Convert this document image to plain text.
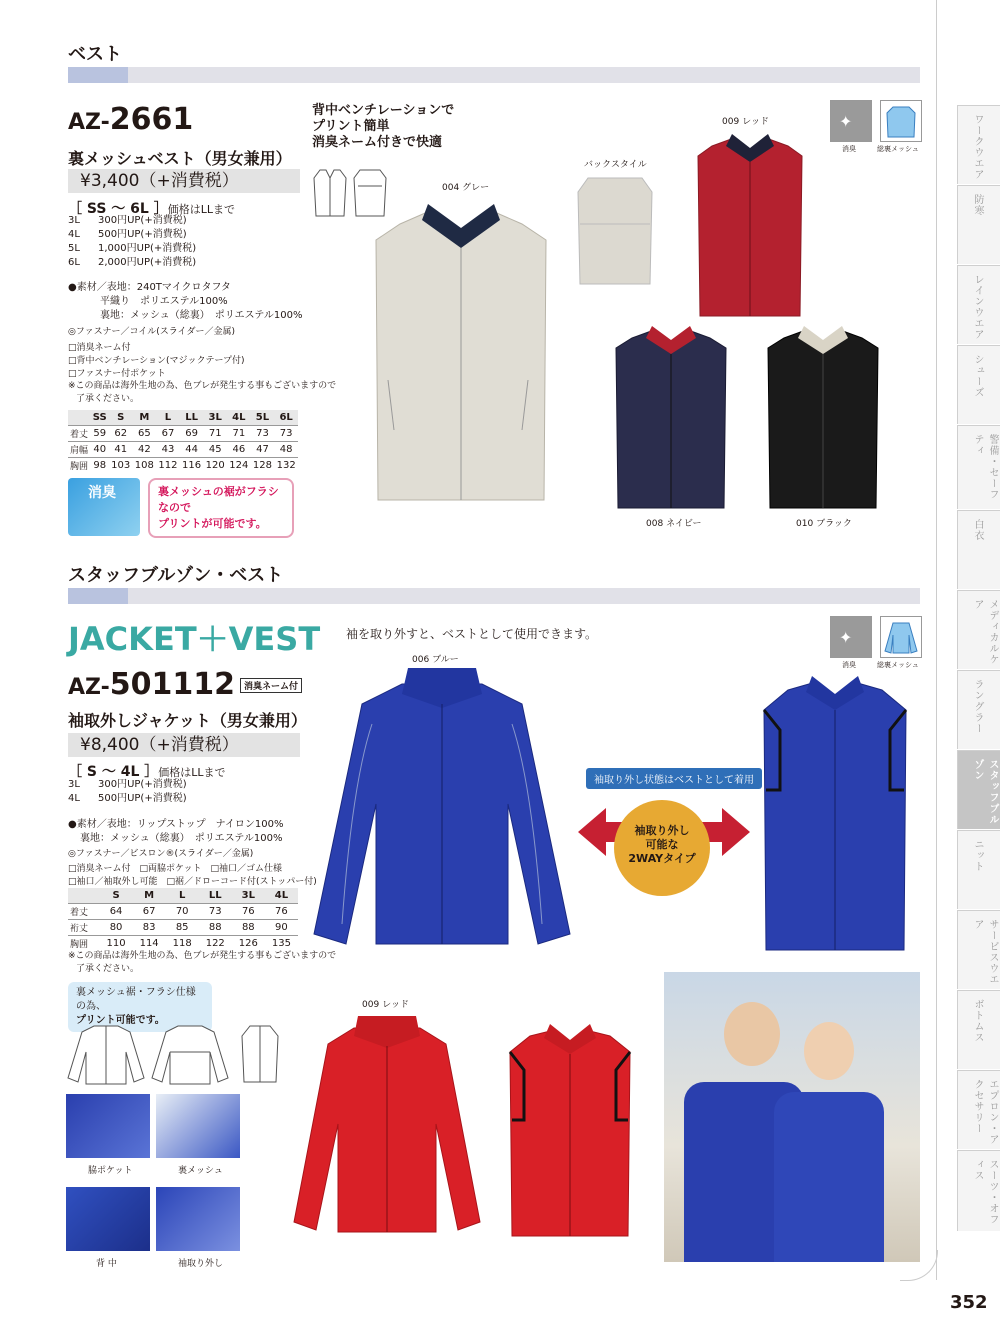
ワークウエア
防寒
レインウエア
シューズ
警備・セーフティ
白衣
メディカルケア
ラングラー
スタッフブルゾン
ニット
サービスウエア
ボトムス
エプロン・アクセサリー
スーツ・オフィス
352
ベスト
AZ-2661
裏メッシュベスト（男女兼用）
¥3,400（+消費税）
［ SS ～ 6L ］価格はLLまで
3L 300円UP(+消費税)
4L 500円UP(+消費税)
5L 1,000円UP(+消費税)
6L 2,000円UP(+消費税)
●素材／表地：240Tマイクロタフタ
平織り　ポリエステル100%
裏地：メッシュ（総裏）　ポリエステル100%
◎ファスナー／コイル(スライダー／金属)
□消臭ネーム付
□背中ベンチレーション(マジックテープ付)
□ファスナー付ポケット
※この商品は海外生地の為、色ブレが発生する事もございますので
了承ください。
	SS	S	M	L	LL	3L	4L	5L	6L
着丈	59	62	65	67	69	71	71	73	73
肩幅	40	41	42	43	44	45	46	47	48
胸囲	98	103	108	112	116	120	124	128	132
消臭	裏メッシュの裾がフラシなので
プリントが可能です。
背中ベンチレーションで
プリント簡単
消臭ネーム付きで快適
バックスタイル
004 グレー
009 レッド
008 ネイビー	010 ブラック
✦
消臭	総裏メッシュ
スタッフブルゾン・ベスト
JACKET＋VEST 袖を取り外すと、ベストとして使用できます。
AZ-501112	消臭ネーム付
袖取外しジャケット（男女兼用）
¥8,400（+消費税）
［ S ～ 4L ］価格はLLまで
3L 300円UP(+消費税)
4L 500円UP(+消費税)
●素材／表地：リップストップ　ナイロン100%
裏地：メッシュ（総裏）　ポリエステル100%
◎ファスナー／ビスロン®(スライダー／金属)
□消臭ネーム付　□両脇ポケット　□袖口／ゴム仕様
□袖口／袖取外し可能　□裾／ドローコード付(ストッパー付)
	S	M	L	LL	3L	4L
着丈	64	67	70	73	76	76
裄丈	80	83	85	88	88	90
胸囲	110	114	118	122	126	135
※この商品は海外生地の為、色ブレが発生する事もございますので
了承ください。
裏メッシュ裾・フラシ仕様の為、
プリント可能です。
脇ポケット	裏メッシュ
背 中	袖取り外し
006 ブルー
袖取り外し状態はベストとして着用
袖取り外し
可能な
2WAYタイプ
✦
消臭	総裏メッシュ
009 レッド
